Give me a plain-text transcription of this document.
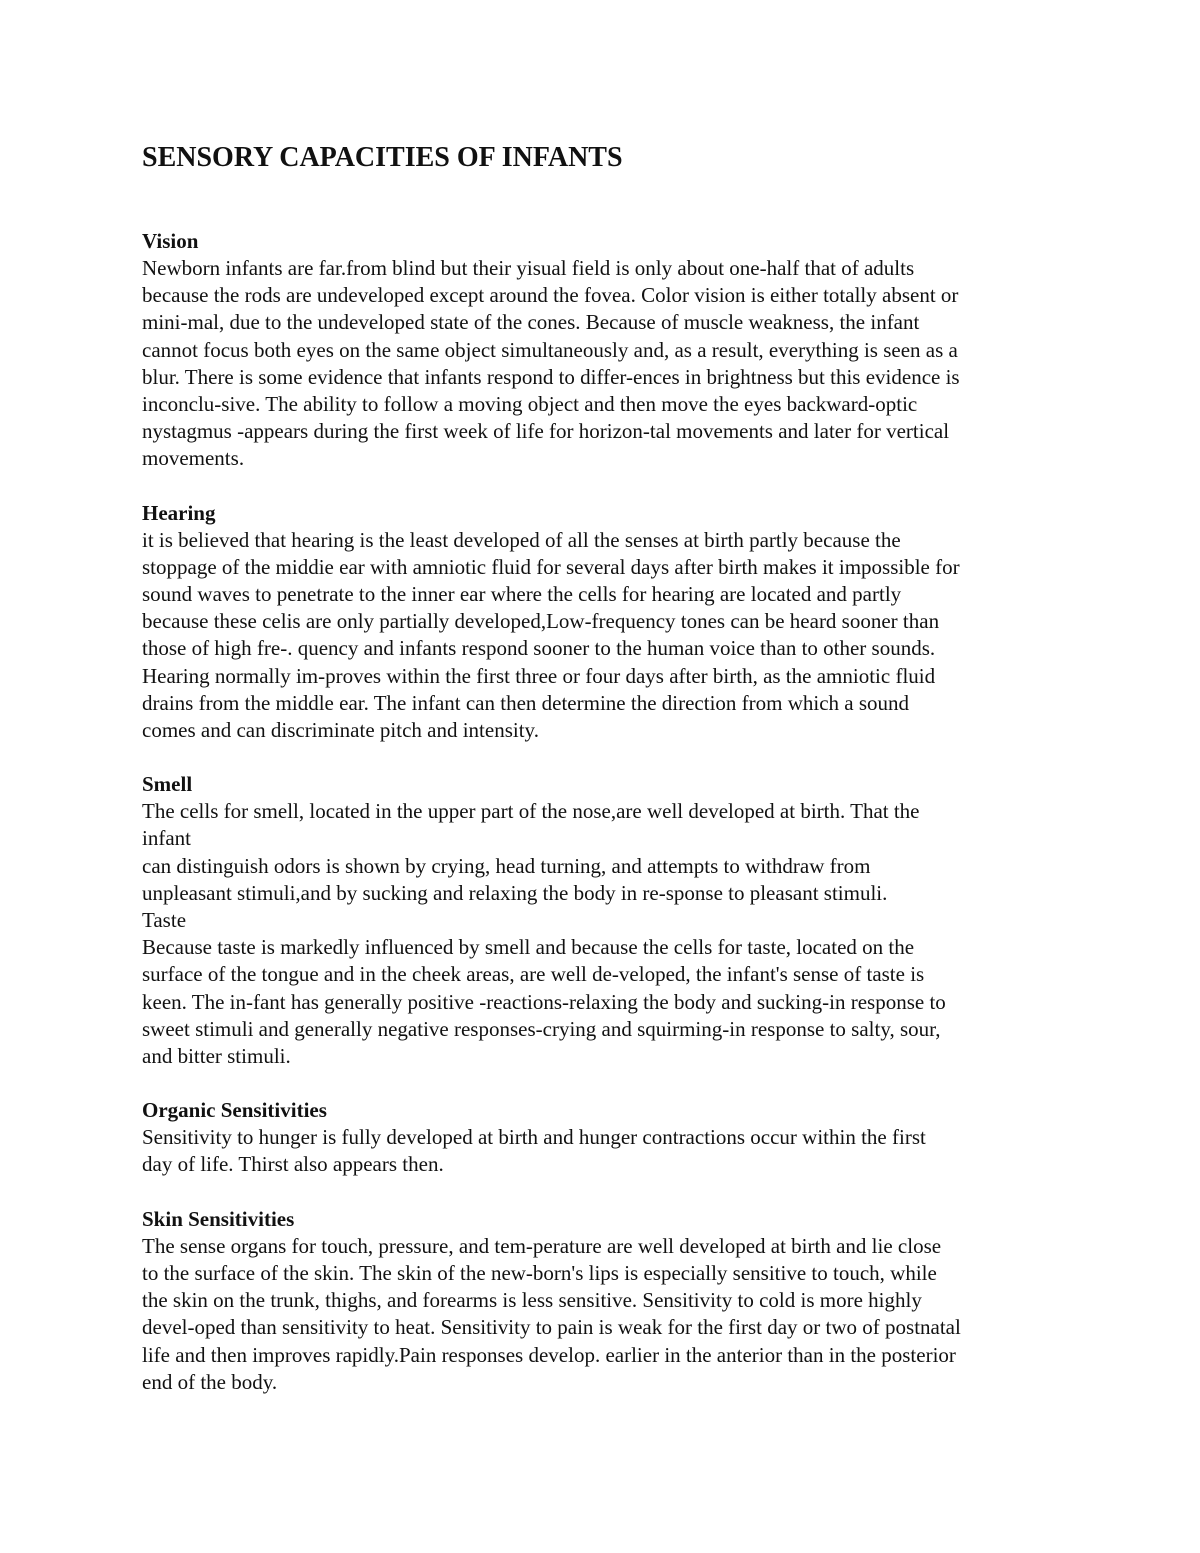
SENSORY CAPACITIES OF INFANTS
Vision
Newborn infants are far.from blind but their yisual field is only about one-half that of adults
because the rods are undeveloped except around the fovea. Color vision is either totally absent or
mini-mal, due to the undeveloped state of the cones. Because of muscle weakness, the infant
cannot focus both eyes on the same object simultaneously and, as a result, everything is seen as a
blur. There is some evidence that infants respond to differ-ences in brightness but this evidence is
inconclu-sive. The ability to follow a moving object and then move the eyes backward-optic
nystagmus -appears during the first week of life for horizon-tal movements and later for vertical
movements.
Hearing
it is believed that hearing is the least developed of all the senses at birth partly because the
stoppage of the middie ear with amniotic fluid for several days after birth makes it impossible for
sound waves to penetrate to the inner ear where the cells for hearing are located and partly
because these celis are only partially developed,Low-frequency tones can be heard sooner than
those of high fre-. quency and infants respond sooner to the human voice than to other sounds.
Hearing normally im-proves within the first three or four days after birth, as the amniotic fluid
drains from the middle ear. The infant can then determine the direction from which a sound
comes and can discriminate pitch and intensity.
Smell
The cells for smell, located in the upper part of the nose,are well developed at birth. That the
infant
can distinguish odors is shown by crying, head turning, and attempts to withdraw from
unpleasant stimuli,and by sucking and relaxing the body in re-sponse to pleasant stimuli.
Taste
Because taste is markedly influenced by smell and because the cells for taste, located on the
surface of the tongue and in the cheek areas, are well de-veloped, the infant's sense of taste is
keen. The in-fant has generally positive -reactions-relaxing the body and sucking-in response to
sweet stimuli and generally negative responses-crying and squirming-in response to salty, sour,
and bitter stimuli.
Organic Sensitivities
Sensitivity to hunger is fully developed at birth and hunger contractions occur within the first
day of life. Thirst also appears then.
Skin Sensitivities
The sense organs for touch, pressure, and tem-perature are well developed at birth and lie close
to the surface of the skin. The skin of the new-born's lips is especially sensitive to touch, while
the skin on the trunk, thighs, and forearms is less sensitive. Sensitivity to cold is more highly
devel-oped than sensitivity to heat. Sensitivity to pain is weak for the first day or two of postnatal
life and then improves rapidly.Pain responses develop. earlier in the anterior than in the posterior
end of the body.
